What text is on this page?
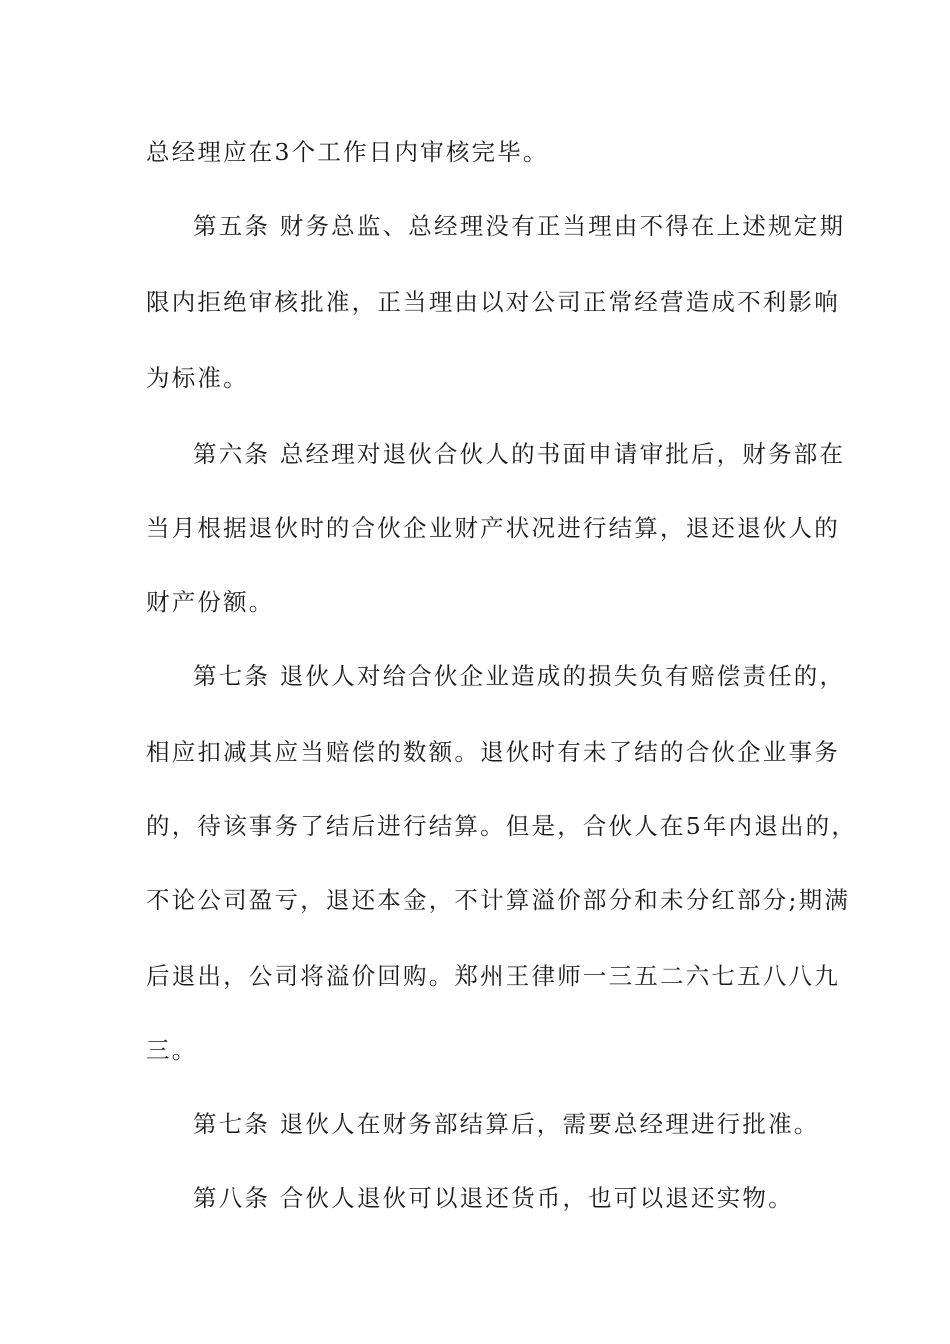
总经理应在3个工作日内审核完毕。
第五条 财务总监、总经理没有正当理由不得在上述规定期
限内拒绝审核批准，正当理由以对公司正常经营造成不利影响
为标准。
第六条 总经理对退伙合伙人的书面申请审批后，财务部在
当月根据退伙时的合伙企业财产状况进行结算，退还退伙人的
财产份额。
第七条 退伙人对给合伙企业造成的损失负有赔偿责任的，
相应扣减其应当赔偿的数额。退伙时有未了结的合伙企业事务
的，待该事务了结后进行结算。但是，合伙人在5年内退出的，
不论公司盈亏，退还本金，不计算溢价部分和未分红部分;期满
后退出，公司将溢价回购。郑州王律师一三五二六七五八八九
三。
第七条 退伙人在财务部结算后，需要总经理进行批准。
第八条 合伙人退伙可以退还货币，也可以退还实物。
